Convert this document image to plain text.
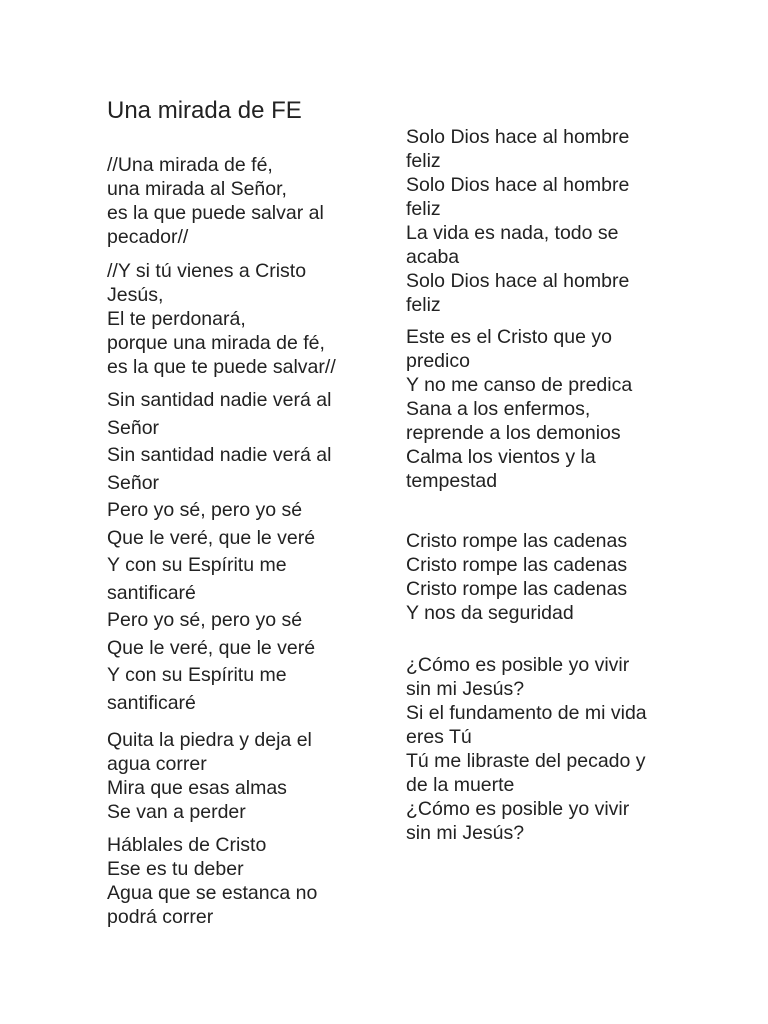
Una mirada de FE

//Una mirada de fé,
una mirada al Señor,
es la que puede salvar al
pecador//

//Y si tú vienes a Cristo
Jesús,
El te perdonará,
porque una mirada de fé,
es la que te puede salvar//

Sin santidad nadie verá al
Señor
Sin santidad nadie verá al
Señor
Pero yo sé, pero yo sé
Que le veré, que le veré
Y con su Espíritu me
santificaré
Pero yo sé, pero yo sé
Que le veré, que le veré
Y con su Espíritu me
santificaré

Quita la piedra y deja el
agua correr
Mira que esas almas
Se van a perder

Háblales de Cristo
Ese es tu deber
Agua que se estanca no
podrá correr

Solo Dios hace al hombre
feliz
Solo Dios hace al hombre
feliz
La vida es nada, todo se
acaba
Solo Dios hace al hombre
feliz

Este es el Cristo que yo
predico
Y no me canso de predica
Sana a los enfermos,
reprende a los demonios
Calma los vientos y la
tempestad

Cristo rompe las cadenas
Cristo rompe las cadenas
Cristo rompe las cadenas
Y nos da seguridad

¿Cómo es posible yo vivir
sin mi Jesús?
Si el fundamento de mi vida
eres Tú
Tú me libraste del pecado y
de la muerte
¿Cómo es posible yo vivir
sin mi Jesús?
